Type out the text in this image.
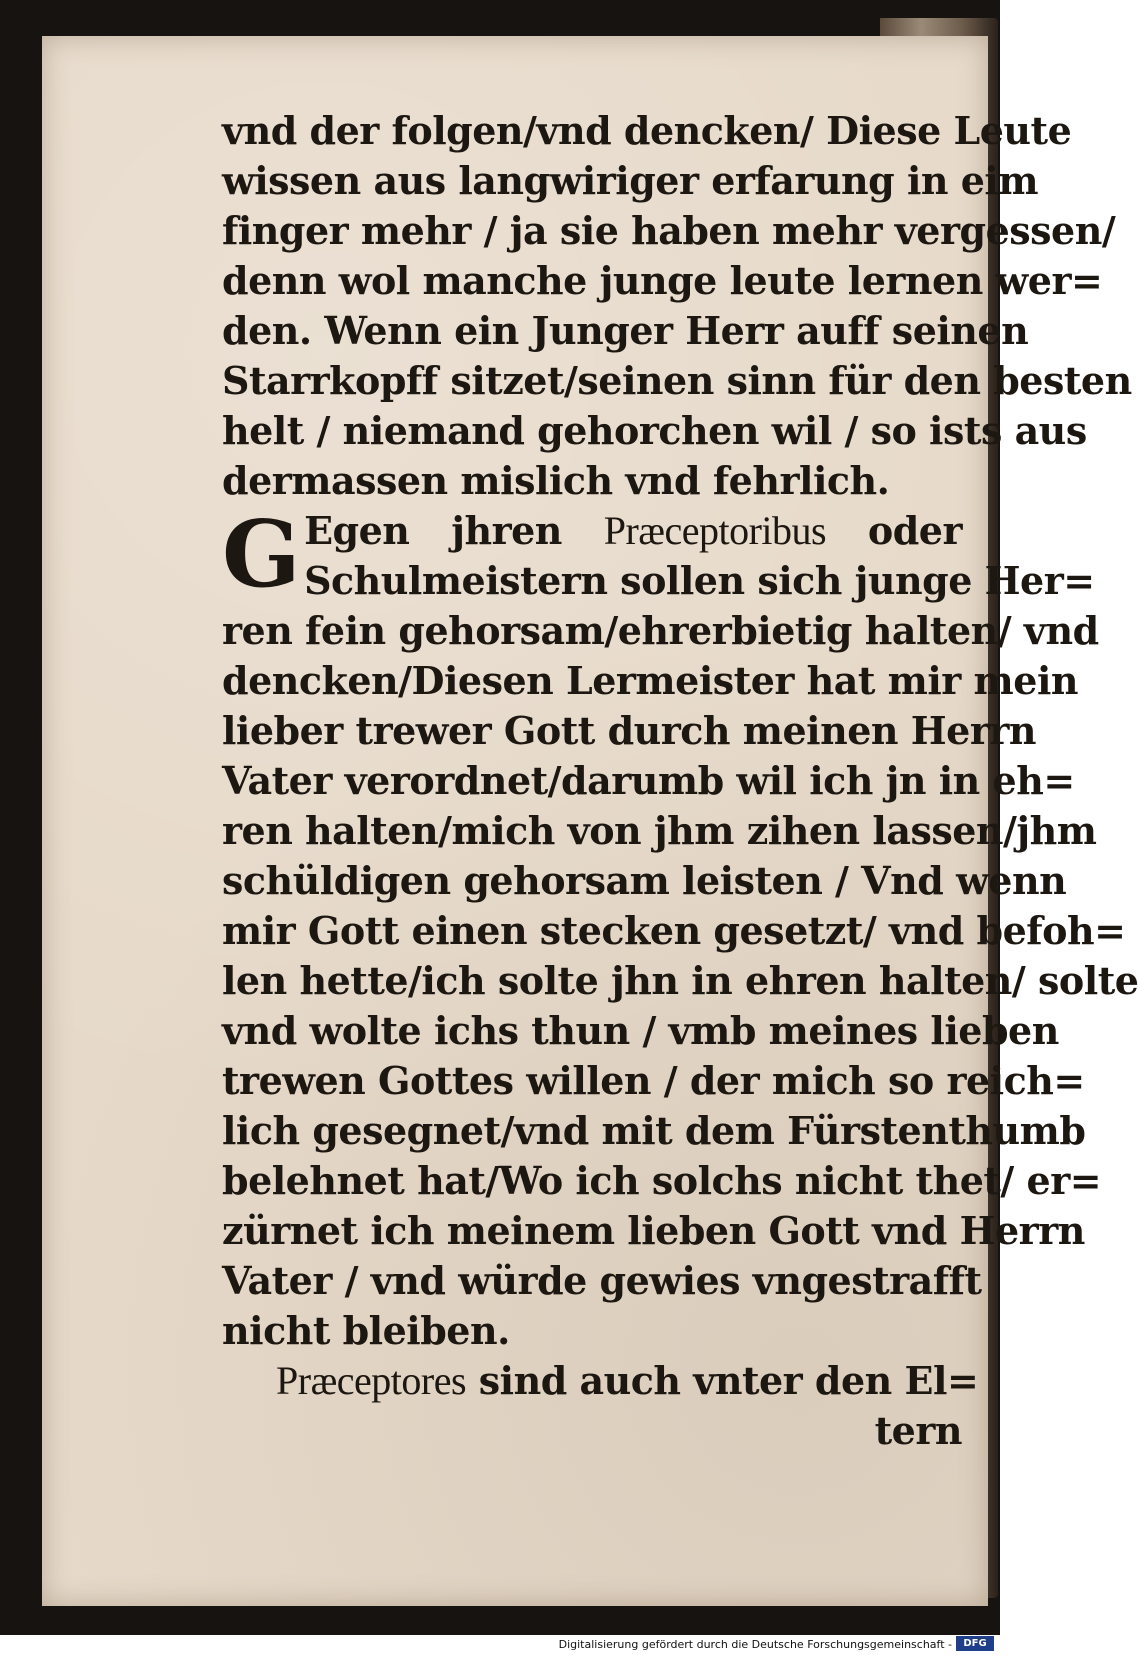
vnd der folgen/vnd dencken/ Diese Leute
wissen aus langwiriger erfarung in eim
finger mehr / ja sie haben mehr vergessen/
denn wol manche junge leute lernen wer=
den. Wenn ein Junger Herr auff seinen
Starrkopff sitzet/seinen sinn für den besten
helt / niemand gehorchen wil / so ists aus
dermassen mislich vnd fehrlich.
G Egen jhren Præceptoribus oder
Schulmeistern sollen sich junge Her=
ren fein gehorsam/ehrerbietig halten/ vnd
dencken/Diesen Lermeister hat mir mein
lieber trewer Gott durch meinen Herrn
Vater verordnet/darumb wil ich jn in eh=
ren halten/mich von jhm zihen lassen/jhm
schüldigen gehorsam leisten / Vnd wenn
mir Gott einen stecken gesetzt/ vnd befoh=
len hette/ich solte jhn in ehren halten/ solte
vnd wolte ichs thun / vmb meines lieben
trewen Gottes willen / der mich so reich=
lich gesegnet/vnd mit dem Fürstenthumb
belehnet hat/Wo ich solchs nicht thet/ er=
zürnet ich meinem lieben Gott vnd Herrn
Vater / vnd würde gewies vngestrafft
nicht bleiben.
Præceptores sind auch vnter den El=
tern
Digitalisierung gefördert durch die Deutsche Forschungsgemeinschaft -	DFG
